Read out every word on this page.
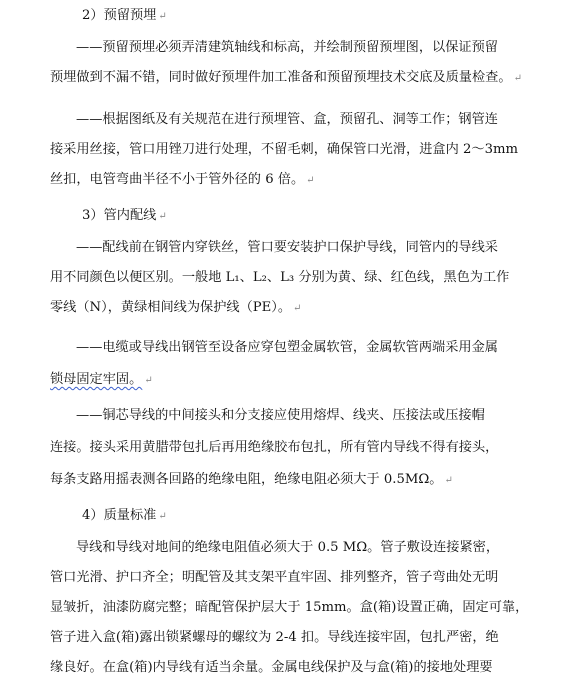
2）预留预埋 ↵
——预留预埋必须弄清建筑轴线和标高，并绘制预留预埋图，以保证预留
预埋做到不漏不错，同时做好预埋件加工准备和预留预埋技术交底及质量检查。 ↵
——根据图纸及有关规范在进行预埋管、盒，预留孔、洞等工作；钢管连
接采用丝接，管口用锉刀进行处理，不留毛刺，确保管口光滑，进盒内 2～3mm
丝扣，电管弯曲半径不小于管外径的 6 倍。 ↵
3）管内配线 ↵
——配线前在钢管内穿铁丝，管口要安装护口保护导线，同管内的导线采
用不同颜色以便区别。一般地 L₁、L₂、L₃ 分别为黄、绿、红色线，黑色为工作
零线（N），黄绿相间线为保护线（PE）。 ↵
——电缆或导线出钢管至设备应穿包塑金属软管，金属软管两端采用金属
锁母固定牢固。 ↵
——铜芯导线的中间接头和分支接应使用熔焊、线夹、压接法或压接帽
连接。接头采用黄腊带包扎后再用绝缘胶布包扎，所有管内导线不得有接头，
每条支路用摇表测各回路的绝缘电阻，绝缘电阻必须大于 0.5MΩ。 ↵
4）质量标准 ↵
导线和导线对地间的绝缘电阻值必须大于 0.5 MΩ。管子敷设连接紧密，
管口光滑、护口齐全；明配管及其支架平直牢固、排列整齐，管子弯曲处无明
显皱折，油漆防腐完整；暗配管保护层大于 15mm。盒(箱)设置正确，固定可靠，
管子进入盒(箱)露出锁紧螺母的螺纹为 2-4 扣。导线连接牢固，包扎严密，绝
缘良好。在盒(箱)内导线有适当余量。金属电线保护及与盒(箱)的接地处理要
